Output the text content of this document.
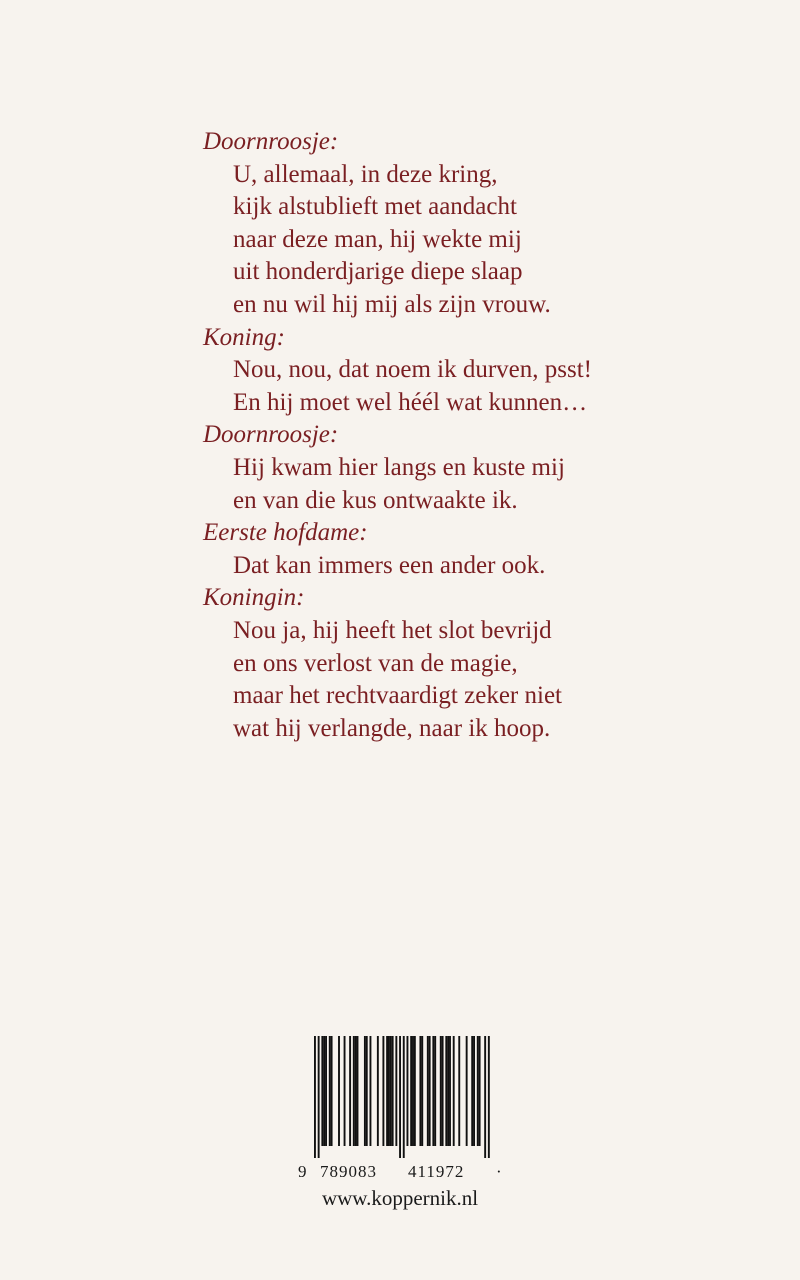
Doornroosje:
U, allemaal, in deze kring,
kijk alstublieft met aandacht
naar deze man, hij wekte mij
uit honderdjarige diepe slaap
en nu wil hij mij als zijn vrouw.
Koning:
Nou, nou, dat noem ik durven, psst!
En hij moet wel héél wat kunnen…
Doornroosje:
Hij kwam hier langs en kuste mij
en van die kus ontwaakte ik.
Eerste hofdame:
Dat kan immers een ander ook.
Koningin:
Nou ja, hij heeft het slot bevrijd
en ons verlost van de magie,
maar het rechtvaardigt zeker niet
wat hij verlangde, naar ik hoop.
9 789083 411972 ·
www.koppernik.nl
